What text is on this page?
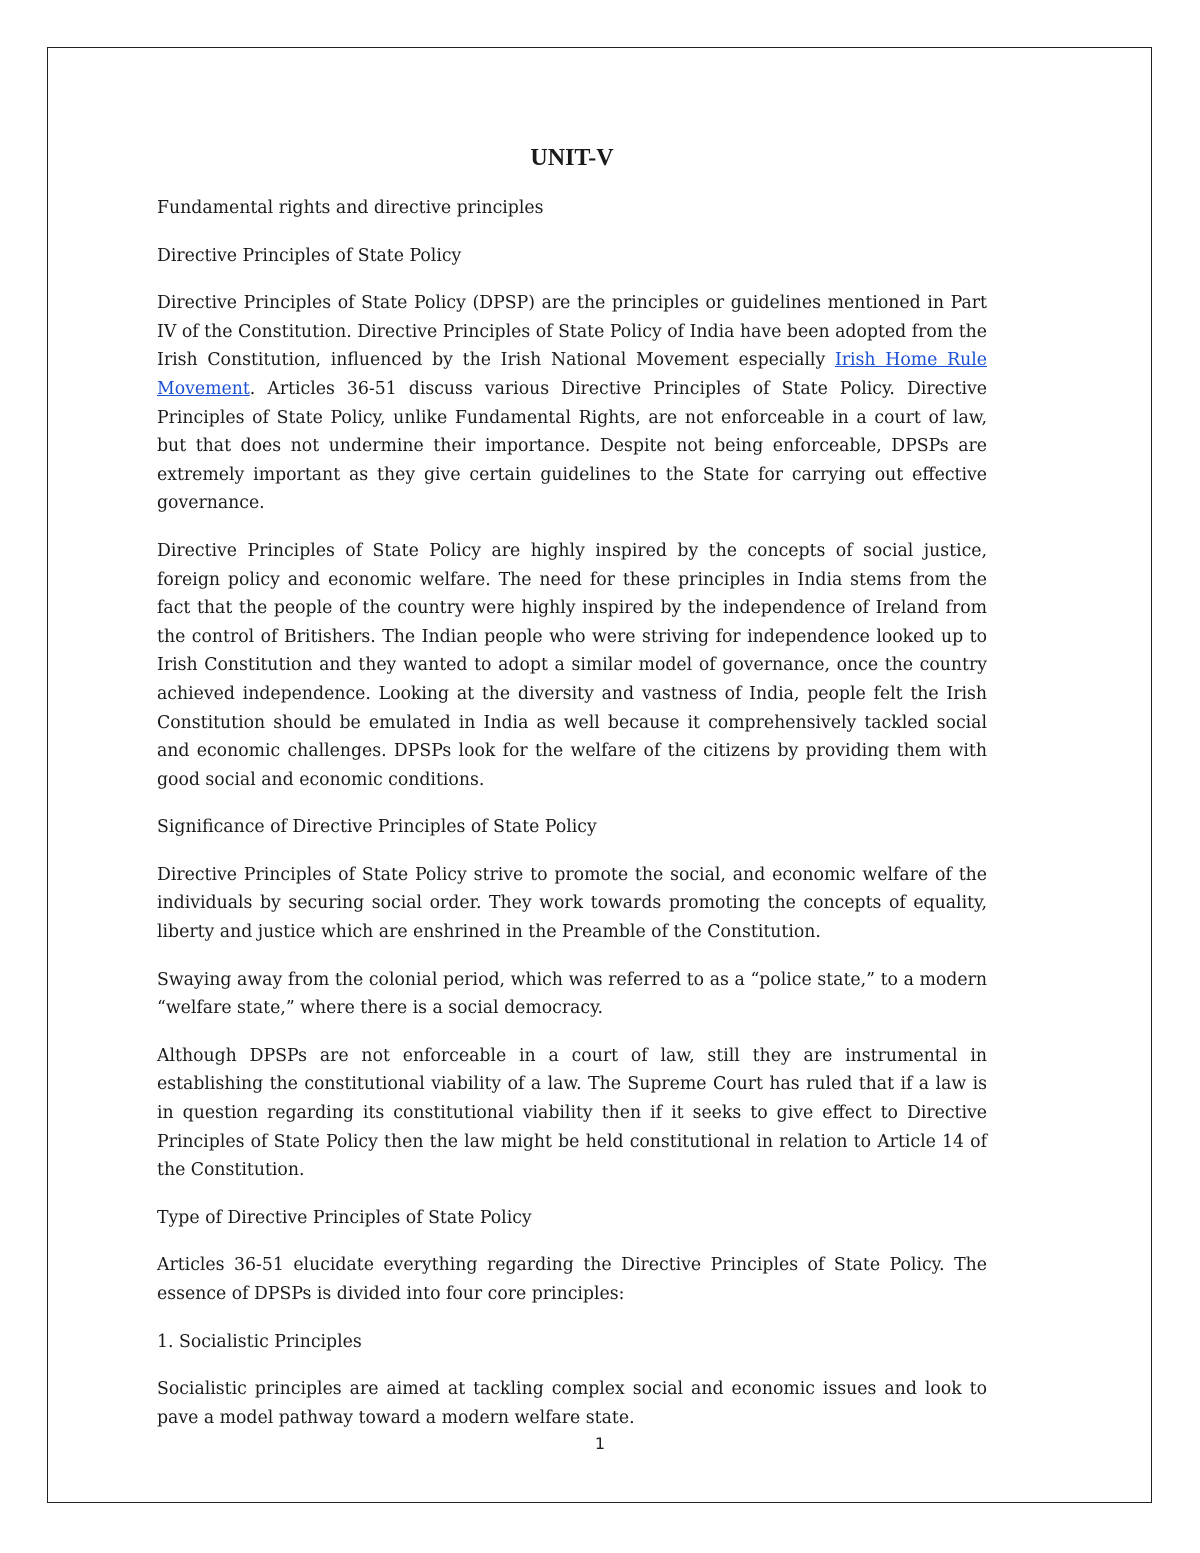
UNIT-V

Fundamental rights and directive principles

Directive Principles of State Policy

Directive Principles of State Policy (DPSP) are the principles or guidelines mentioned in Part IV of the Constitution. Directive Principles of State Policy of India have been adopted from the Irish Constitution, influenced by the Irish National Movement especially Irish Home Rule Movement. Articles 36-51 discuss various Directive Principles of State Policy. Directive Principles of State Policy, unlike Fundamental Rights, are not enforceable in a court of law, but that does not undermine their importance. Despite not being enforceable, DPSPs are extremely important as they give certain guidelines to the State for carrying out effective governance.

Directive Principles of State Policy are highly inspired by the concepts of social justice, foreign policy and economic welfare. The need for these principles in India stems from the fact that the people of the country were highly inspired by the independence of Ireland from the control of Britishers. The Indian people who were striving for independence looked up to Irish Constitution and they wanted to adopt a similar model of governance, once the country achieved independence. Looking at the diversity and vastness of India, people felt the Irish Constitution should be emulated in India as well because it comprehensively tackled social and economic challenges. DPSPs look for the welfare of the citizens by providing them with good social and economic conditions.

Significance of Directive Principles of State Policy

Directive Principles of State Policy strive to promote the social, and economic welfare of the individuals by securing social order. They work towards promoting the concepts of equality, liberty and justice which are enshrined in the Preamble of the Constitution.

Swaying away from the colonial period, which was referred to as a “police state,” to a modern “welfare state,” where there is a social democracy.

Although DPSPs are not enforceable in a court of law, still they are instrumental in establishing the constitutional viability of a law. The Supreme Court has ruled that if a law is in question regarding its constitutional viability then if it seeks to give effect to Directive Principles of State Policy then the law might be held constitutional in relation to Article 14 of the Constitution.

Type of Directive Principles of State Policy

Articles 36-51 elucidate everything regarding the Directive Principles of State Policy. The essence of DPSPs is divided into four core principles:

1. Socialistic Principles

Socialistic principles are aimed at tackling complex social and economic issues and look to pave a model pathway toward a modern welfare state.

1
